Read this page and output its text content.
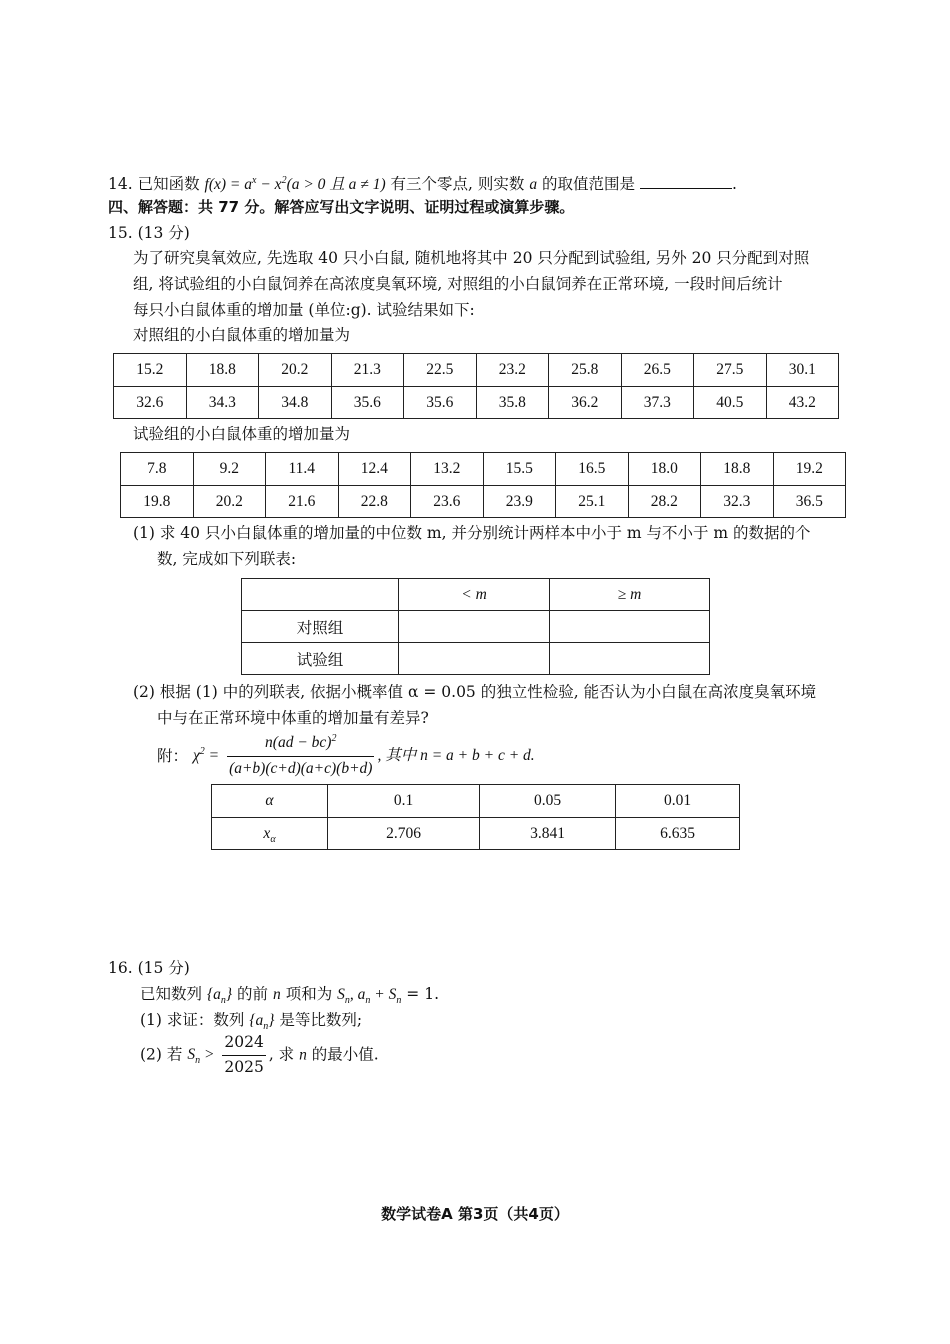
14. 已知函数 $f(x) = a^x - x^2(a > 0$ 且 a ≠ 1) 有三个零点, 则实数 a 的取值范围是	.
四、解答题：共 77 分。解答应写出文字说明、证明过程或演算步骤。
15. (13 分)
为了研究臭氧效应, 先选取 40 只小白鼠, 随机地将其中 20 只分配到试验组, 另外 20 只分配到对照
组, 将试验组的小白鼠饲养在高浓度臭氧环境, 对照组的小白鼠饲养在正常环境, 一段时间后统计
每只小白鼠体重的增加量 (单位:g). 试验结果如下:
对照组的小白鼠体重的增加量为
15.2	18.8	20.2	21.3	22.5	23.2	25.8	26.5	27.5	30.1
32.6	34.3	34.8	35.6	35.6	35.8	36.2	37.3	40.5	43.2
试验组的小白鼠体重的增加量为
7.8	9.2	11.4	12.4	13.2	15.5	16.5	18.0	18.8	19.2
19.8	20.2	21.6	22.8	23.6	23.9	25.1	28.2	32.3	36.5
(1) 求 40 只小白鼠体重的增加量的中位数 m, 并分别统计两样本中小于 m 与不小于 m 的数据的个
数, 完成如下列联表:
	< m	≥ m
对照组		
试验组		
(2) 根据 (1) 中的列联表, 依据小概率值 α = 0.05 的独立性检验, 能否认为小白鼠在高浓度臭氧环境
中与在正常环境中体重的增加量有差异?
附： $\chi^2 = \frac{n(ad - bc)^2}{(a+b)(c+d)(a+c)(b+d)}$ , 其中 n = a + b + c + d.
α	0.1	0.05	0.01
$x_\alpha$	2.706	3.841	6.635
16. (15 分)
已知数列 $\{a_n\}$ 的前 n 项和为 $S_n$, $a_n + S_n = 1$.
(1) 求证：数列 $\{a_n\}$ 是等比数列;
(2) 若 $S_n > \frac{2024}{2025}$ , 求 n 的最小值.
数学试卷A 第3页（共4页）
